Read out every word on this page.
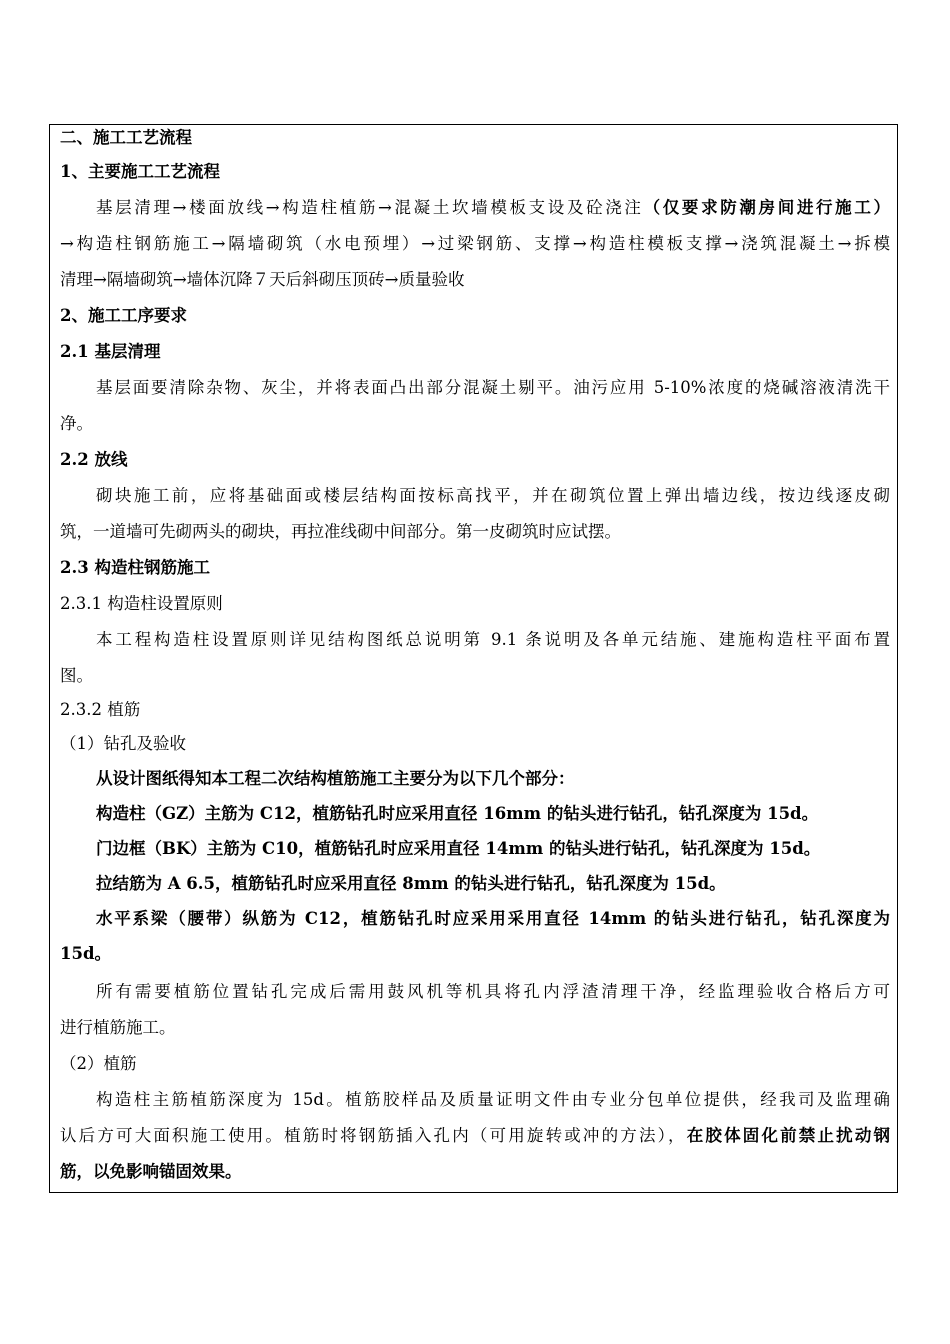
二、施工工艺流程

1、主要施工工艺流程

基层清理→楼面放线→构造柱植筋→混凝土坎墙模板支设及砼浇注（仅要求防潮房间进行施工）

→构造柱钢筋施工→隔墙砌筑（水电预埋）→过梁钢筋、支撑→构造柱模板支撑→浇筑混凝土→拆模

清理→隔墙砌筑→墙体沉降７天后斜砌压顶砖→质量验收

2、施工工序要求

2.1 基层清理

基层面要清除杂物、灰尘，并将表面凸出部分混凝土剔平。油污应用 5-10%浓度的烧碱溶液清洗干

净。

2.2 放线

砌块施工前，应将基础面或楼层结构面按标高找平，并在砌筑位置上弹出墙边线，按边线逐皮砌

筑，一道墙可先砌两头的砌块，再拉准线砌中间部分。第一皮砌筑时应试摆。

2.3 构造柱钢筋施工

2.3.1 构造柱设置原则

本工程构造柱设置原则详见结构图纸总说明第 9.1 条说明及各单元结施、建施构造柱平面布置

图。

2.3.2 植筋

（1）钻孔及验收

从设计图纸得知本工程二次结构植筋施工主要分为以下几个部分：

构造柱（GZ）主筋为 C12，植筋钻孔时应采用直径 16mm 的钻头进行钻孔，钻孔深度为 15d。

门边框（BK）主筋为 C10，植筋钻孔时应采用直径 14mm 的钻头进行钻孔，钻孔深度为 15d。

拉结筋为 A 6.5，植筋钻孔时应采用直径 8mm 的钻头进行钻孔，钻孔深度为 15d。

水平系梁（腰带）纵筋为 C12，植筋钻孔时应采用采用直径 14mm 的钻头进行钻孔，钻孔深度为

15d。

所有需要植筋位置钻孔完成后需用鼓风机等机具将孔内浮渣清理干净，经监理验收合格后方可

进行植筋施工。

（2）植筋

构造柱主筋植筋深度为 15d。植筋胶样品及质量证明文件由专业分包单位提供，经我司及监理确

认后方可大面积施工使用。植筋时将钢筋插入孔内（可用旋转或冲的方法），在胶体固化前禁止扰动钢

筋，以免影响锚固效果。
